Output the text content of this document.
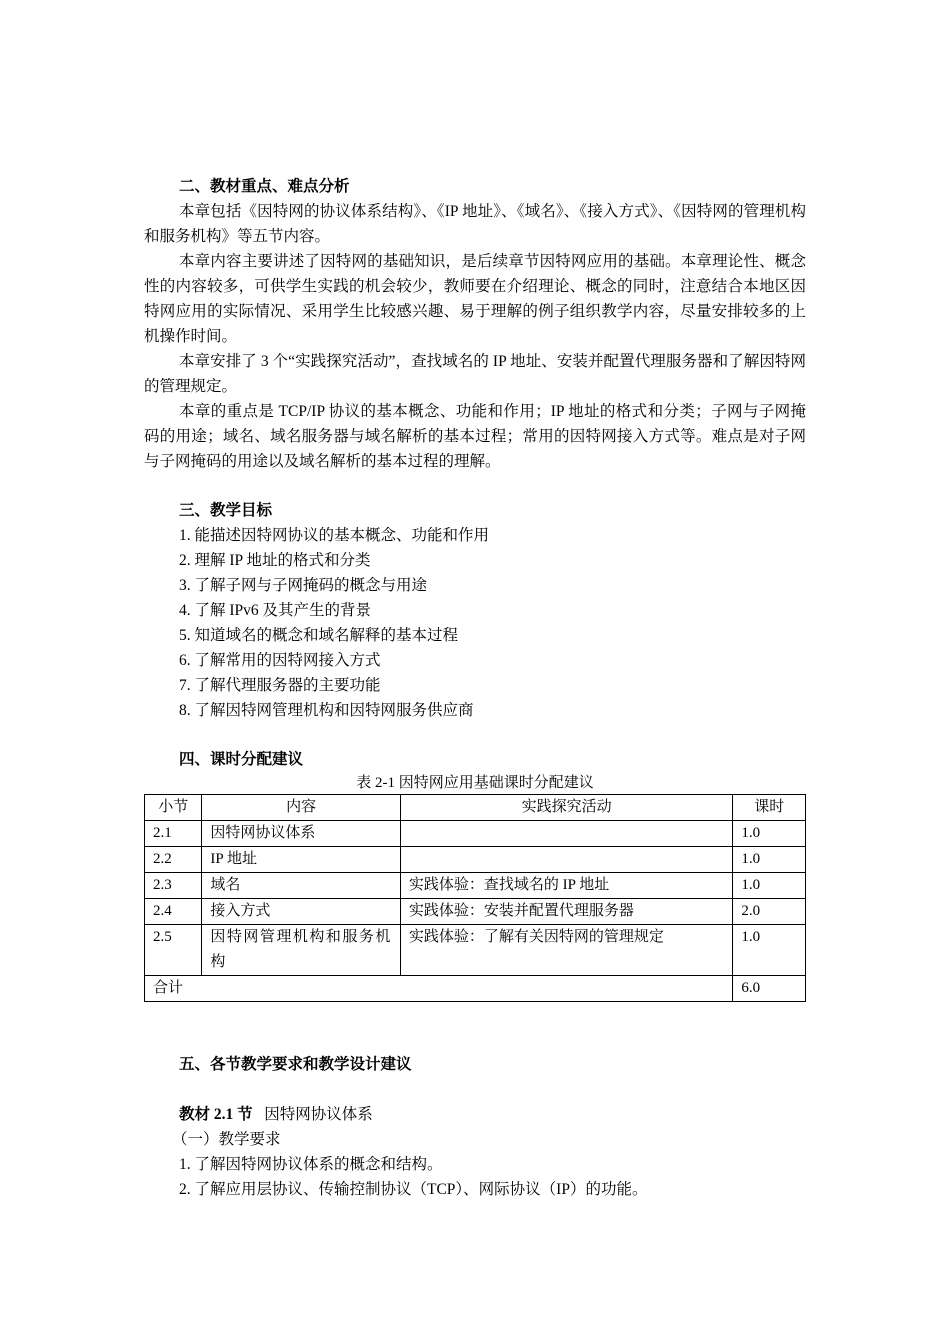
二、教材重点、难点分析

本章包括《因特网的协议体系结构》、《IP 地址》、《域名》、《接入方式》、《因特网的管理机构和服务机构》等五节内容。

本章内容主要讲述了因特网的基础知识，是后续章节因特网应用的基础。本章理论性、概念性的内容较多，可供学生实践的机会较少，教师要在介绍理论、概念的同时，注意结合本地区因特网应用的实际情况、采用学生比较感兴趣、易于理解的例子组织教学内容，尽量安排较多的上机操作时间。

本章安排了 3 个“实践探究活动”，查找域名的 IP 地址、安装并配置代理服务器和了解因特网的管理规定。

本章的重点是 TCP/IP 协议的基本概念、功能和作用；IP 地址的格式和分类；子网与子网掩码的用途；域名、域名服务器与域名解析的基本过程；常用的因特网接入方式等。难点是对子网与子网掩码的用途以及域名解析的基本过程的理解。

三、教学目标

1. 能描述因特网协议的基本概念、功能和作用

2. 理解 IP 地址的格式和分类

3. 了解子网与子网掩码的概念与用途

4. 了解 IPv6 及其产生的背景

5. 知道域名的概念和域名解释的基本过程

6. 了解常用的因特网接入方式

7. 了解代理服务器的主要功能

8. 了解因特网管理机构和因特网服务供应商

四、课时分配建议

表 2-1 因特网应用基础课时分配建议

小节	内容	实践探究活动	课时
2.1	因特网协议体系		1.0
2.2	IP 地址		1.0
2.3	域名	实践体验：查找域名的 IP 地址	1.0
2.4	接入方式	实践体验：安装并配置代理服务器	2.0
2.5	因特网管理机构和服务机构	实践体验：了解有关因特网的管理规定	1.0
合计			6.0

五、各节教学要求和教学设计建议

教材 2.1 节 因特网协议体系

（一）教学要求

1. 了解因特网协议体系的概念和结构。

2. 了解应用层协议、传输控制协议（TCP）、网际协议（IP）的功能。
